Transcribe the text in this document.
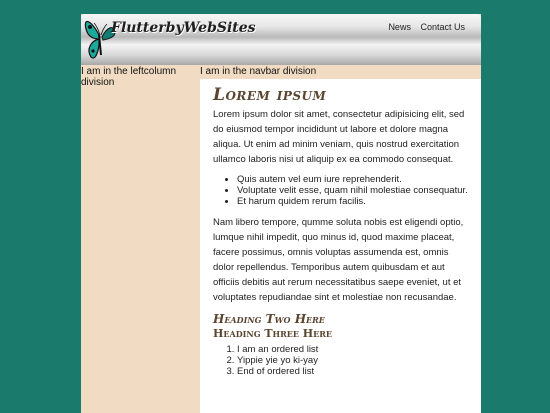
FlutterbyWebSites	News Contact Us
I am in the leftcolumn division
I am in the navbar division
Lorem ipsum

Lorem ipsum dolor sit amet, consectetur adipisicing elit, sed do eiusmod tempor incididunt ut labore et dolore magna aliqua. Ut enim ad minim veniam, quis nostrud exercitation ullamco laboris nisi ut aliquip ex ea commodo consequat.

• Quis autem vel eum iure reprehenderit.
• Voluptate velit esse, quam nihil molestiae consequatur.
• Et harum quidem rerum facilis.

Nam libero tempore, qumme soluta nobis est eligendi optio, lumque nihil impedit, quo minus id, quod maxime placeat, facere possimus, omnis voluptas assumenda est, omnis dolor repellendus. Temporibus autem quibusdam et aut officiis debitis aut rerum necessitatibus saepe eveniet, ut et voluptates repudiandae sint et molestiae non recusandae.

Heading Two Here
Heading Three Here
1. I am an ordered list
2. Yippie yie yo ki-yay
3. End of ordered list
